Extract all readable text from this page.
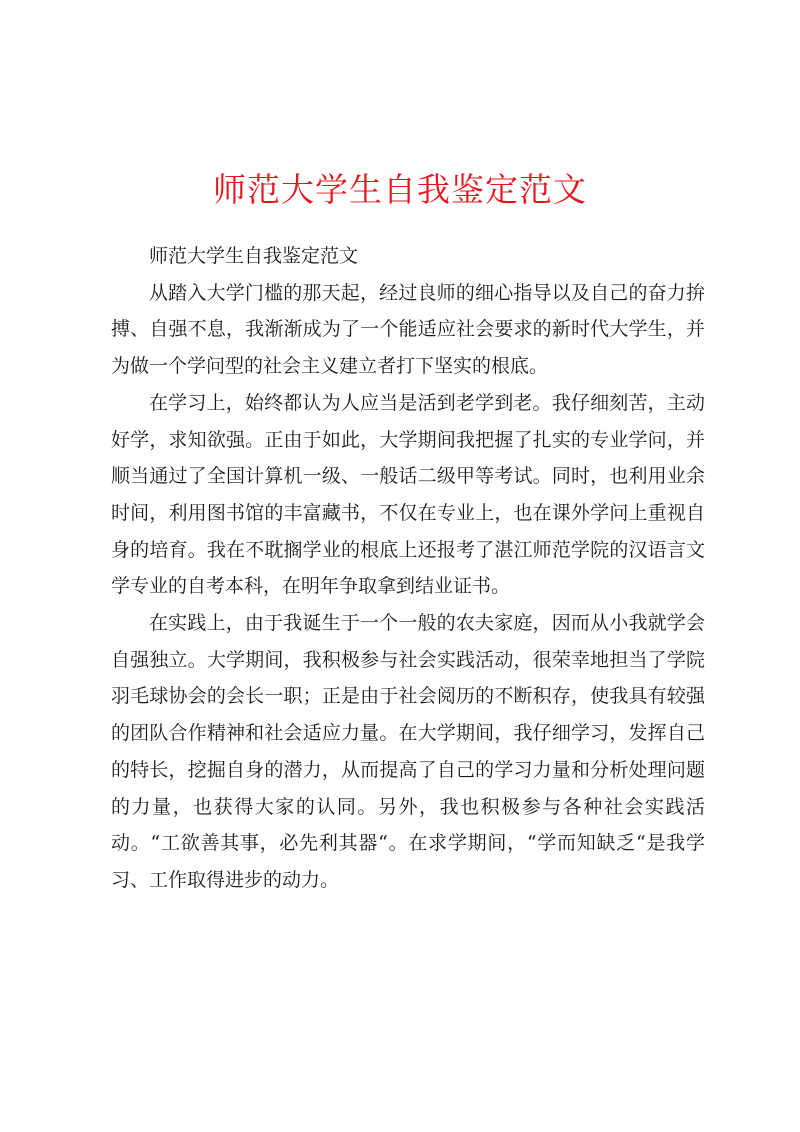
师范大学生自我鉴定范文

师范大学生自我鉴定范文

从踏入大学门槛的那天起，经过良师的细心指导以及自己的奋力拚搏、自强不息，我渐渐成为了一个能适应社会要求的新时代大学生，并为做一个学问型的社会主义建立者打下坚实的根底。

在学习上，始终都认为人应当是活到老学到老。我仔细刻苦，主动好学，求知欲强。正由于如此，大学期间我把握了扎实的专业学问，并顺当通过了全国计算机一级、一般话二级甲等考试。同时，也利用业余时间，利用图书馆的丰富藏书，不仅在专业上，也在课外学问上重视自身的培育。我在不耽搁学业的根底上还报考了湛江师范学院的汉语言文学专业的自考本科，在明年争取拿到结业证书。

在实践上，由于我诞生于一个一般的农夫家庭，因而从小我就学会自强独立。大学期间，我积极参与社会实践活动，很荣幸地担当了学院羽毛球协会的会长一职；正是由于社会阅历的不断积存，使我具有较强的团队合作精神和社会适应力量。在大学期间，我仔细学习，发挥自己的特长，挖掘自身的潜力，从而提高了自己的学习力量和分析处理问题的力量，也获得大家的认同。另外，我也积极参与各种社会实践活动。“工欲善其事，必先利其器“。在求学期间，“学而知缺乏“是我学习、工作取得进步的动力。
